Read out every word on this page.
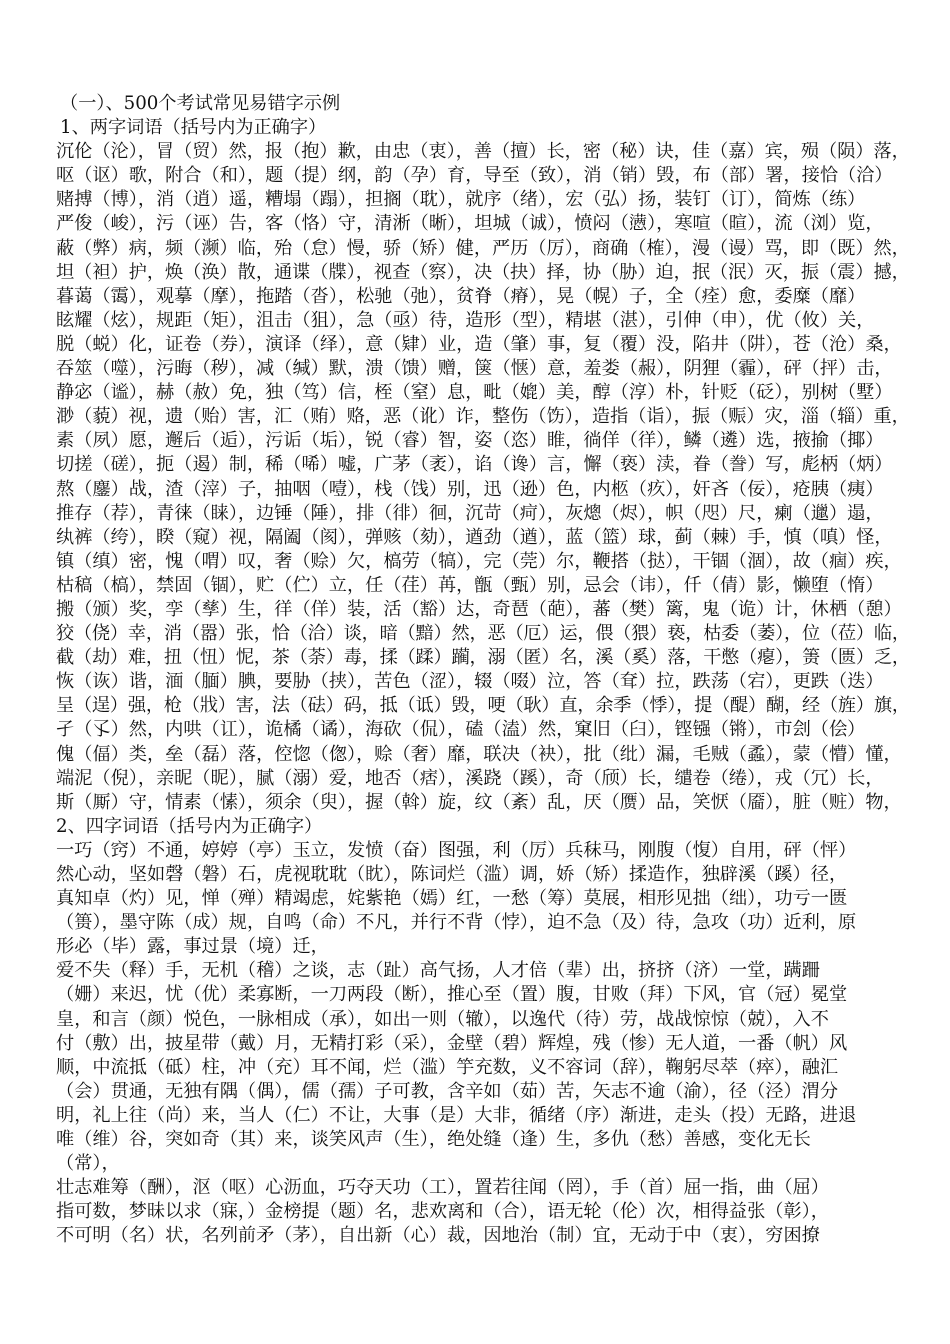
（一）、500个考试常见易错字示例
1、两字词语（括号内为正确字）
沉伦（沦），冒（贸）然，报（抱）歉，由忠（衷），善（擅）长，密（秘）诀，佳（嘉）宾，殒（陨）落，
呕（讴）歌，附合（和），题（提）纲，韵（孕）育，导至（致），消（销）毁，布（部）署，接恰（洽）
赌搏（博），消（逍）遥，糟塌（蹋），担搁（耽），就序（绪），宏（弘）扬，装钉（订），简炼（练）
严俊（峻），污（诬）告，客（恪）守，清淅（晰），坦城（诚），愤闷（懑），寒喧（暄），流（浏）览，
蔽（弊）病，频（濒）临，殆（怠）慢，骄（矫）健，严历（厉），商确（榷），漫（谩）骂，即（既）然，
坦（袒）护，焕（涣）散，通谍（牒），视查（察），决（抉）择，协（胁）迫，抿（泯）灭，振（震）撼，
暮蔼（霭），观摹（摩），拖踏（沓），松驰（弛），贫脊（瘠），晃（幌）子，全（痊）愈，委糜（靡）
眩耀（炫），规距（矩），沮击（狙），急（亟）待，造形（型），精堪（湛），引伸（申），优（攸）关，
脱（蜕）化，证卷（券），演译（绎），意（肄）业，造（肇）事，复（覆）没，陷井（阱），苍（沧）桑，
吞筮（噬），污晦（秽），减（缄）默，溃（馈）赠，箧（惬）意，羞娄（赧），阴狸（霾），砰（抨）击，
静宓（谧），赫（赦）免，独（笃）信，桎（窒）息，毗（媲）美，醇（淳）朴，针贬（砭），别树（墅）
渺（藐）视，遗（贻）害，汇（贿）赂，恶（讹）诈，整伤（饬），造指（诣），振（赈）灾，淄（辎）重，
素（夙）愿，邂后（逅），污诟（垢），锐（睿）智，姿（恣）睢，徜佯（徉），鳞（遴）选，掖揄（揶）
切搓（磋），扼（遏）制，稀（唏）嘘，广茅（袤），谄（谗）言，懈（亵）渎，眷（誊）写，彪柄（炳）
熬（鏖）战，渣（滓）子，抽咽（噎），栈（饯）别，迅（逊）色，内柩（疚），奸吝（佞），疮胰（痍）
推存（荐），青徕（睐），边锤（陲），排（徘）徊，沉苛（疴），灰熜（烬），帜（咫）尺，瘌（邋）遢，
纨裤（绔），睽（窥）视，隔阖（阂），弹赅（劾），遒劲（遒），蓝（篮）球，蓟（棘）手，慎（嗔）怪，
镇（缜）密，愧（喟）叹，奢（赊）欠，槁劳（犒），完（莞）尔，鞭搭（挞），干锢（涸），故（痼）疾，
枯稿（槁），禁固（锢），贮（伫）立，任（荏）苒，甑（甄）别，忌会（讳），仟（倩）影，懒堕（惰）
搬（颁）奖，孪（孳）生，徉（佯）装，活（豁）达，奇琶（葩），蕃（樊）篱，鬼（诡）计，休栖（憩）
狡（侥）幸，消（嚣）张，恰（洽）谈，暗（黯）然，恶（厄）运，偎（猥）亵，枯委（萎），位（莅）临，
截（劫）难，扭（忸）怩，茶（荼）毒，揉（蹂）躏，溺（匿）名，溪（奚）落，干憋（瘪），箦（匮）乏，
恢（诙）谐，湎（腼）腆，要胁（挟），苦色（涩），辍（啜）泣，答（耷）拉，跌荡（宕），更跌（迭）
呈（逞）强，枪（戕）害，法（砝）码，抵（诋）毁，哽（耿）直，余季（悸），提（醍）醐，经（旌）旗，
孑（孓）然，内哄（讧），诡橘（谲），海砍（侃），磕（溘）然，窠旧（臼），铿镪（锵），市刽（侩）
傀（偪）类，垒（磊）落，倥惚（偬），赊（奢）靡，联决（袂），批（纰）漏，毛贼（蟊），蒙（懵）懂，
端泥（倪），亲昵（昵），腻（溺）爱，地否（痞），溪跷（蹊），奇（颀）长，缱卷（绻），戎（冗）长，
斯（厮）守，情素（愫），须余（臾），握（斡）旋，纹（紊）乱，厌（赝）品，笑恹（靥），脏（赃）物，
2、四字词语（括号内为正确字）
一巧（窍）不通，婷婷（亭）玉立，发愤（奋）图强，利（厉）兵秣马，刚腹（愎）自用，砰（怦）
然心动，坚如磬（磐）石，虎视耽耽（眈），陈词烂（滥）调，娇（矫）揉造作，独辟溪（蹊）径，
真知卓（灼）见，惮（殚）精竭虑，姹紫艳（嫣）红，一愁（筹）莫展，相形见拙（绌），功亏一匮
（篑），墨守陈（成）规，自鸣（命）不凡，并行不背（悖），迫不急（及）待，急攻（功）近利，原
形必（毕）露，事过景（境）迁，
爱不失（释）手，无机（稽）之谈，志（趾）高气扬，人才倍（辈）出，挤挤（济）一堂，蹒跚
（姗）来迟，忧（优）柔寡断，一刀两段（断），推心至（置）腹，甘败（拜）下风，官（冠）冕堂
皇，和言（颜）悦色，一脉相成（承），如出一则（辙），以逸代（待）劳，战战惊惊（兢），入不
付（敷）出，披星带（戴）月，无精打彩（采），金壁（碧）辉煌，残（惨）无人道，一番（帆）风
顺，中流抵（砥）柱，冲（充）耳不闻，烂（滥）竽充数，义不容词（辞），鞠躬尽萃（瘁），融汇
（会）贯通，无独有隅（偶），儒（孺）子可教，含辛如（茹）苦，矢志不逾（渝），径（泾）渭分
明，礼上往（尚）来，当人（仁）不让，大事（是）大非，循绪（序）渐进，走头（投）无路，进退
唯（维）谷，突如奇（其）来，谈笑风声（生），绝处缝（逢）生，多仇（愁）善感，变化无长
（常），
壮志难筹（酬），沤（呕）心沥血，巧夺天功（工），置若往闻（罔），手（首）屈一指，曲（屈）
指可数，梦昧以求（寐，）金榜提（题）名，悲欢离和（合），语无轮（伦）次，相得益张（彰），
不可明（名）状，名列前矛（茅），自出新（心）裁，因地治（制）宜，无动于中（衷），穷困撩
